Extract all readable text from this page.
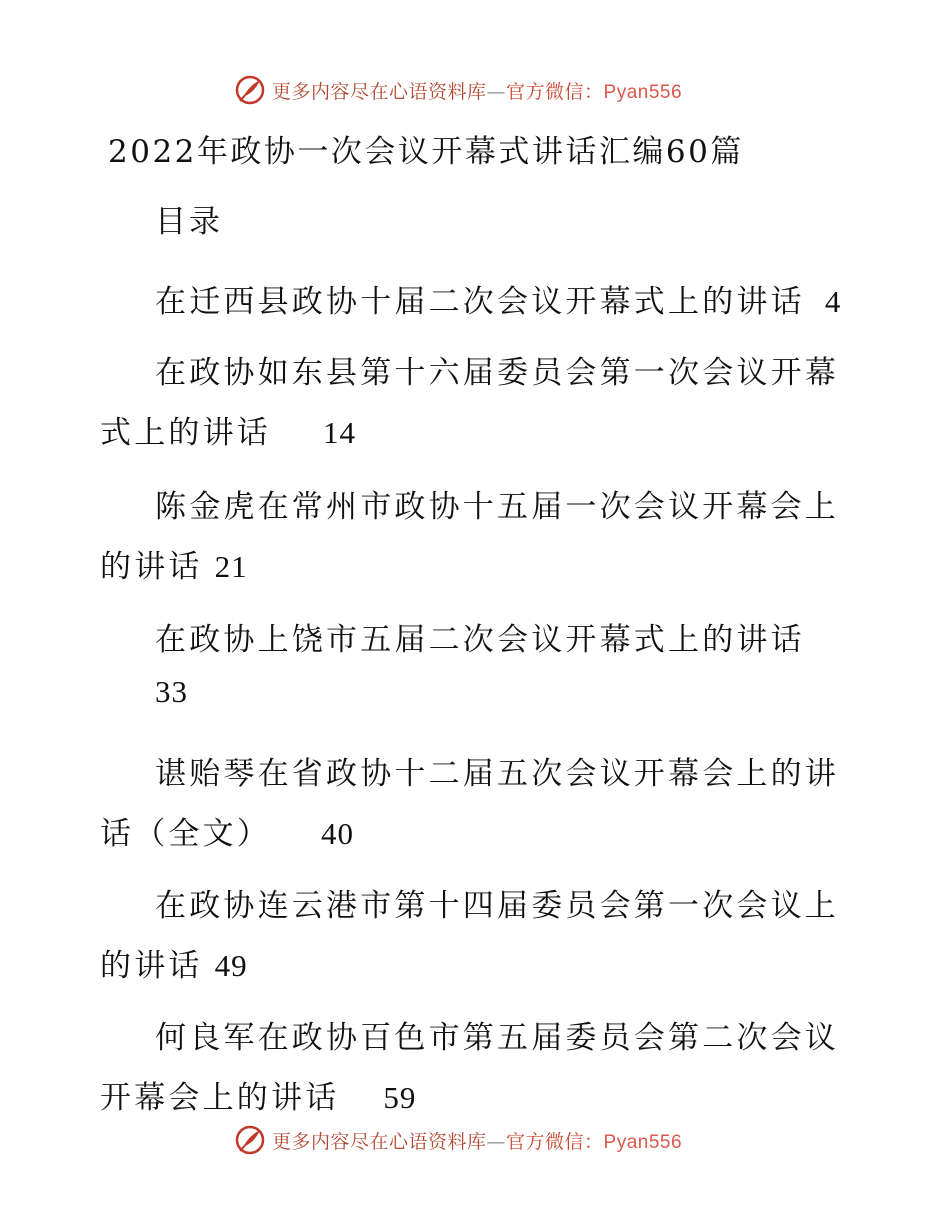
更多内容尽在心语资料库—官方微信：Pyan556
2022年政协一次会议开幕式讲话汇编60篇
目录
在迁西县政协十届二次会议开幕式上的讲话 4
在政协如东县第十六届委员会第一次会议开幕
式上的讲话 14
陈金虎在常州市政协十五届一次会议开幕会上
的讲话 21
在政协上饶市五届二次会议开幕式上的讲话
33
谌贻琴在省政协十二届五次会议开幕会上的讲
话（全文） 40
在政协连云港市第十四届委员会第一次会议上
的讲话 49
何良军在政协百色市第五届委员会第二次会议
开幕会上的讲话 59
更多内容尽在心语资料库—官方微信：Pyan556
